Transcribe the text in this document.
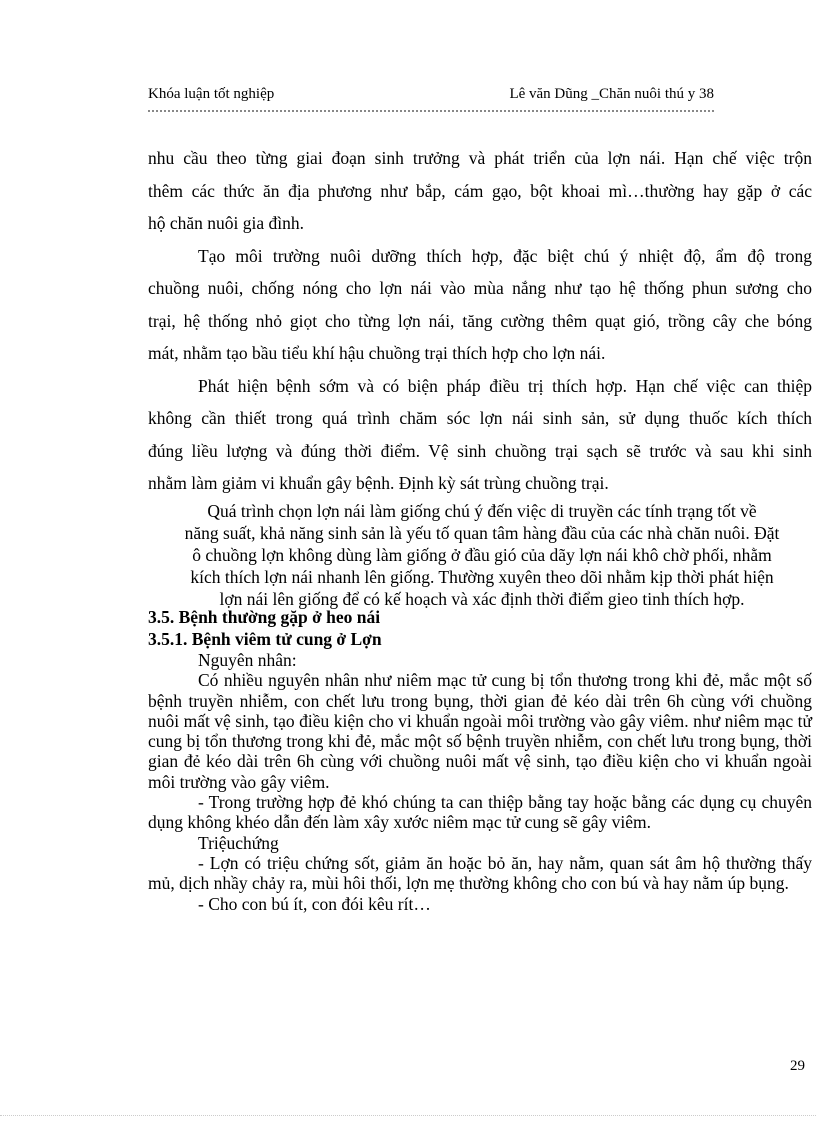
Khóa luận tốt nghiệp	Lê văn Dũng _Chăn nuôi thú y 38

nhu cầu theo từng giai đoạn sinh trưởng và phát triển của lợn nái. Hạn chế việc trộn

thêm các thức ăn địa phương như bắp, cám gạo, bột khoai mì…thường hay gặp ở các

hộ chăn nuôi gia đình.

Tạo môi trường nuôi dưỡng thích hợp, đặc biệt chú ý nhiệt độ, ẩm độ trong

chuồng nuôi, chống nóng cho lợn nái vào mùa nắng như tạo hệ thống phun sương cho

trại, hệ thống nhỏ giọt cho từng lợn nái, tăng cường thêm quạt gió, trồng cây che bóng

mát, nhằm tạo bầu tiểu khí hậu chuồng trại thích hợp cho lợn nái.

Phát hiện bệnh sớm và có biện pháp điều trị thích hợp. Hạn chế việc can thiệp

không cần thiết trong quá trình chăm sóc lợn nái sinh sản, sử dụng thuốc kích thích

đúng liều lượng và đúng thời điểm. Vệ sinh chuồng trại sạch sẽ trước và sau khi sinh

nhằm làm giảm vi khuẩn gây bệnh. Định kỳ sát trùng chuồng trại.

Quá trình chọn lợn nái làm giống chú ý đến việc di truyền các tính trạng tốt về

năng suất, khả năng sinh sản là yếu tố quan tâm hàng đầu của các nhà chăn nuôi. Đặt

ô chuồng lợn không dùng làm giống ở đầu gió của dãy lợn nái khô chờ phối, nhằm

kích thích lợn nái nhanh lên giống. Thường xuyên theo dõi nhằm kịp thời phát hiện

lợn nái lên giống để có kế hoạch và xác định thời điểm gieo tinh thích hợp.

3.5. Bệnh thường gặp ở heo nái
3.5.1. Bệnh viêm tử cung ở Lợn

Nguyên nhân:

Có nhiều nguyên nhân như niêm mạc tử cung bị tổn thương trong khi đẻ, mắc một số bệnh truyền nhiễm, con chết lưu trong bụng, thời gian đẻ kéo dài trên 6h cùng với chuồng nuôi mất vệ sinh, tạo điều kiện cho vi khuẩn ngoài môi trường vào gây viêm. như niêm mạc tử cung bị tổn thương trong khi đẻ, mắc một số bệnh truyền nhiễm, con chết lưu trong bụng, thời gian đẻ kéo dài trên 6h cùng với chuồng nuôi mất vệ sinh, tạo điều kiện cho vi khuẩn ngoài môi trường vào gây viêm.

- Trong trường hợp đẻ khó chúng ta can thiệp bằng tay hoặc bằng các dụng cụ chuyên dụng không khéo dẫn đến làm xây xước niêm mạc tử cung sẽ gây viêm.

Triệuchứng

- Lợn có triệu chứng sốt, giảm ăn hoặc bỏ ăn, hay nằm, quan sát âm hộ thường thấy mủ, dịch nhầy chảy ra, mùi hôi thối, lợn mẹ thường không cho con bú và hay nằm úp bụng.

- Cho con bú ít, con đói kêu rít…

29
